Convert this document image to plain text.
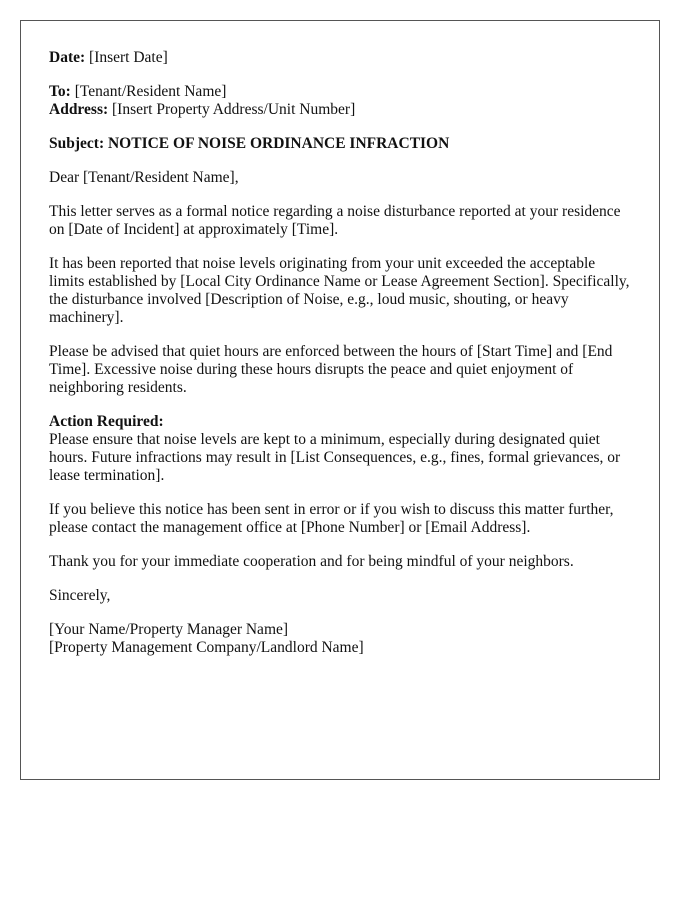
Date: [Insert Date]

To: [Tenant/Resident Name]
Address: [Insert Property Address/Unit Number]

Subject: NOTICE OF NOISE ORDINANCE INFRACTION

Dear [Tenant/Resident Name],

This letter serves as a formal notice regarding a noise disturbance reported at your residence on [Date of Incident] at approximately [Time].

It has been reported that noise levels originating from your unit exceeded the acceptable limits established by [Local City Ordinance Name or Lease Agreement Section]. Specifically, the disturbance involved [Description of Noise, e.g., loud music, shouting, or heavy machinery].

Please be advised that quiet hours are enforced between the hours of [Start Time] and [End Time]. Excessive noise during these hours disrupts the peace and quiet enjoyment of neighboring residents.

Action Required:
Please ensure that noise levels are kept to a minimum, especially during designated quiet hours. Future infractions may result in [List Consequences, e.g., fines, formal grievances, or lease termination].

If you believe this notice has been sent in error or if you wish to discuss this matter further, please contact the management office at [Phone Number] or [Email Address].

Thank you for your immediate cooperation and for being mindful of your neighbors.

Sincerely,

[Your Name/Property Manager Name]
[Property Management Company/Landlord Name]
